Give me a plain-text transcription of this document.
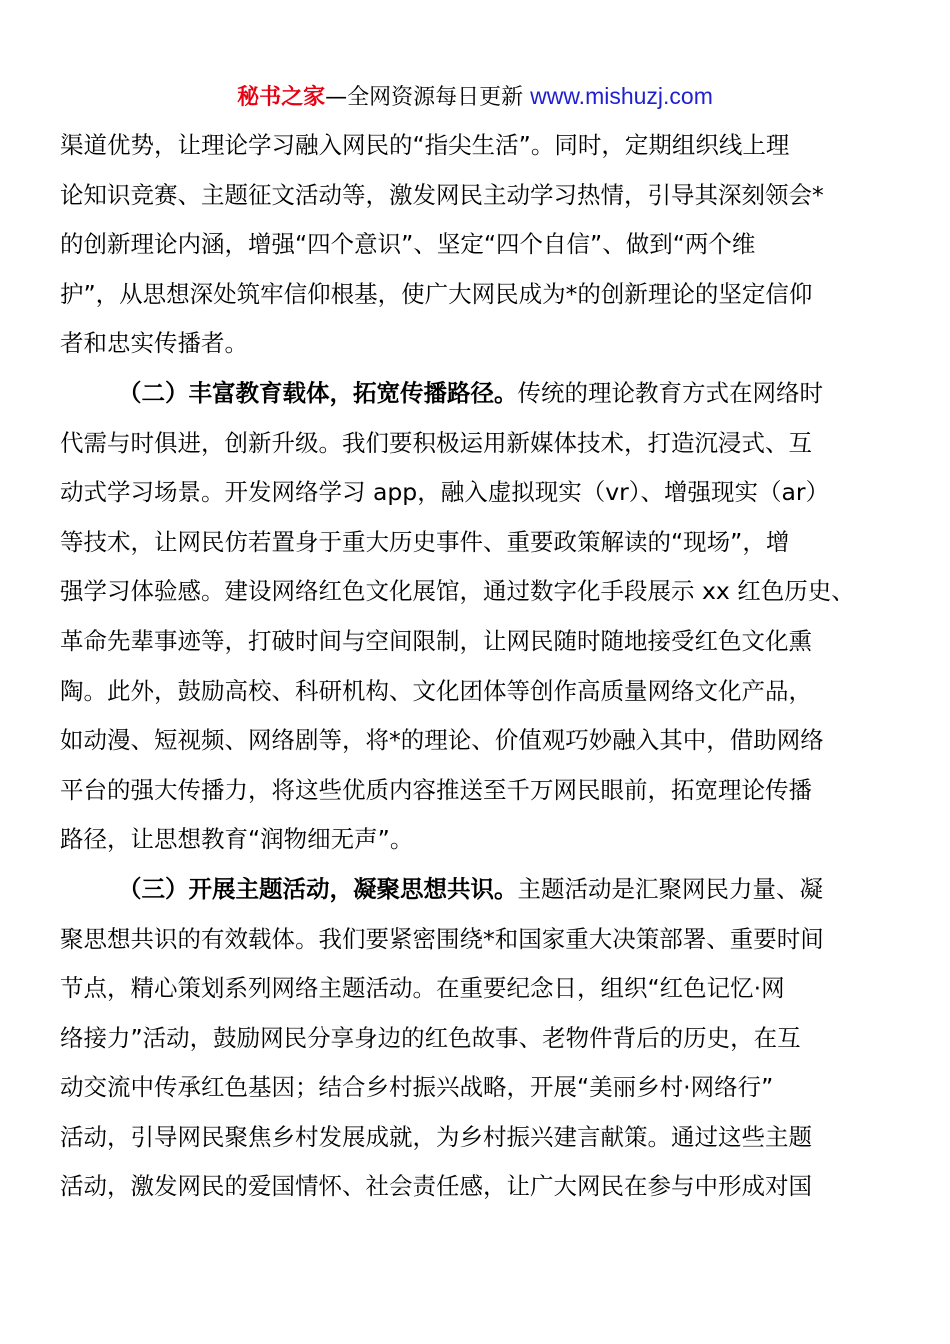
秘书之家—全网资源每日更新 www.mishuzj.com

渠道优势，让理论学习融入网民的“指尖生活”。同时，定期组织线上理
论知识竞赛、主题征文活动等，激发网民主动学习热情，引导其深刻领会*
的创新理论内涵，增强“四个意识”、坚定“四个自信”、做到“两个维
护”，从思想深处筑牢信仰根基，使广大网民成为*的创新理论的坚定信仰
者和忠实传播者。

（二）丰富教育载体，拓宽传播路径。传统的理论教育方式在网络时
代需与时俱进，创新升级。我们要积极运用新媒体技术，打造沉浸式、互
动式学习场景。开发网络学习 app，融入虚拟现实（vr）、增强现实（ar）
等技术，让网民仿若置身于重大历史事件、重要政策解读的“现场”，增
强学习体验感。建设网络红色文化展馆，通过数字化手段展示 xx 红色历史、
革命先辈事迹等，打破时间与空间限制，让网民随时随地接受红色文化熏
陶。此外，鼓励高校、科研机构、文化团体等创作高质量网络文化产品，
如动漫、短视频、网络剧等，将*的理论、价值观巧妙融入其中，借助网络
平台的强大传播力，将这些优质内容推送至千万网民眼前，拓宽理论传播
路径，让思想教育“润物细无声”。

（三）开展主题活动，凝聚思想共识。主题活动是汇聚网民力量、凝
聚思想共识的有效载体。我们要紧密围绕*和国家重大决策部署、重要时间
节点，精心策划系列网络主题活动。在重要纪念日，组织“红色记忆·网
络接力”活动，鼓励网民分享身边的红色故事、老物件背后的历史，在互
动交流中传承红色基因；结合乡村振兴战略，开展“美丽乡村·网络行”
活动，引导网民聚焦乡村发展成就，为乡村振兴建言献策。通过这些主题
活动，激发网民的爱国情怀、社会责任感，让广大网民在参与中形成对国
